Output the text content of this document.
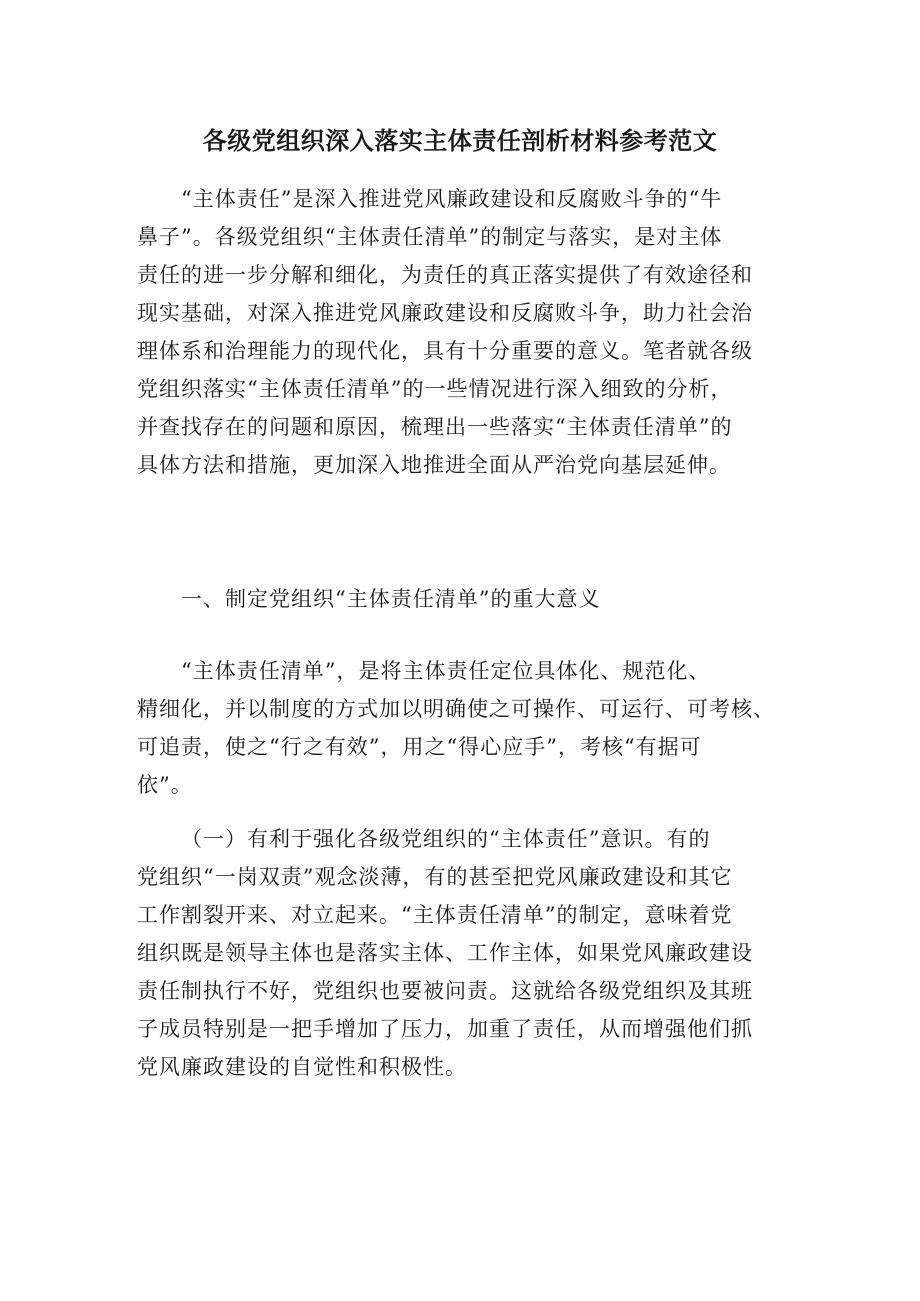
各级党组织深入落实主体责任剖析材料参考范文
“主体责任”是深入推进党风廉政建设和反腐败斗争的“牛
鼻子”。各级党组织“主体责任清单”的制定与落实，是对主体
责任的进一步分解和细化，为责任的真正落实提供了有效途径和
现实基础，对深入推进党风廉政建设和反腐败斗争，助力社会治
理体系和治理能力的现代化，具有十分重要的意义。笔者就各级
党组织落实“主体责任清单”的一些情况进行深入细致的分析，
并查找存在的问题和原因，梳理出一些落实“主体责任清单”的
具体方法和措施，更加深入地推进全面从严治党向基层延伸。
一、制定党组织“主体责任清单”的重大意义
“主体责任清单”，是将主体责任定位具体化、规范化、
精细化，并以制度的方式加以明确使之可操作、可运行、可考核、
可追责，使之“行之有效”，用之“得心应手”，考核“有据可
依”。
（一）有利于强化各级党组织的“主体责任”意识。有的
党组织“一岗双责”观念淡薄，有的甚至把党风廉政建设和其它
工作割裂开来、对立起来。“主体责任清单”的制定，意味着党
组织既是领导主体也是落实主体、工作主体，如果党风廉政建设
责任制执行不好，党组织也要被问责。这就给各级党组织及其班
子成员特别是一把手增加了压力，加重了责任，从而增强他们抓
党风廉政建设的自觉性和积极性。
